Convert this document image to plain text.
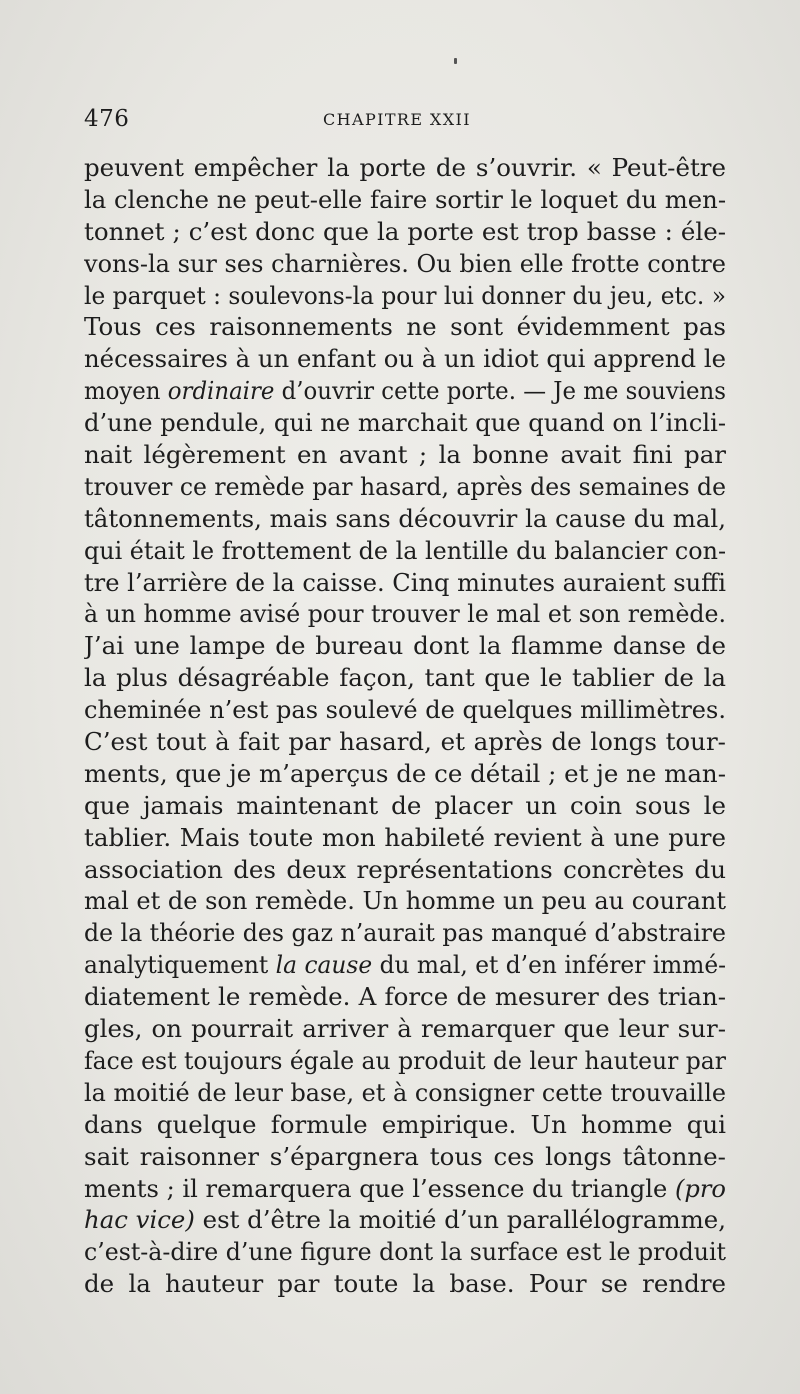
476	CHAPITRE XXII
peuvent empêcher la porte de s’ouvrir. « Peut-être
la clenche ne peut-elle faire sortir le loquet du men-
tonnet ; c’est donc que la porte est trop basse : éle-
vons-la sur ses charnières. Ou bien elle frotte contre
le parquet : soulevons-la pour lui donner du jeu, etc. »
Tous ces raisonnements ne sont évidemment pas
nécessaires à un enfant ou à un idiot qui apprend le
moyen ordinaire d’ouvrir cette porte. — Je me souviens
d’une pendule, qui ne marchait que quand on l’incli-
nait légèrement en avant ; la bonne avait fini par
trouver ce remède par hasard, après des semaines de
tâtonnements, mais sans découvrir la cause du mal,
qui était le frottement de la lentille du balancier con-
tre l’arrière de la caisse. Cinq minutes auraient suffi
à un homme avisé pour trouver le mal et son remède.
J’ai une lampe de bureau dont la flamme danse de
la plus désagréable façon, tant que le tablier de la
cheminée n’est pas soulevé de quelques millimètres.
C’est tout à fait par hasard, et après de longs tour-
ments, que je m’aperçus de ce détail ; et je ne man-
que jamais maintenant de placer un coin sous le
tablier. Mais toute mon habileté revient à une pure
association des deux représentations concrètes du
mal et de son remède. Un homme un peu au courant
de la théorie des gaz n’aurait pas manqué d’abstraire
analytiquement la cause du mal, et d’en inférer immé-
diatement le remède. A force de mesurer des trian-
gles, on pourrait arriver à remarquer que leur sur-
face est toujours égale au produit de leur hauteur par
la moitié de leur base, et à consigner cette trouvaille
dans quelque formule empirique. Un homme qui
sait raisonner s’épargnera tous ces longs tâtonne-
ments ; il remarquera que l’essence du triangle (pro
hac vice) est d’être la moitié d’un parallélogramme,
c’est-à-dire d’une figure dont la surface est le produit
de la hauteur par toute la base. Pour se rendre
